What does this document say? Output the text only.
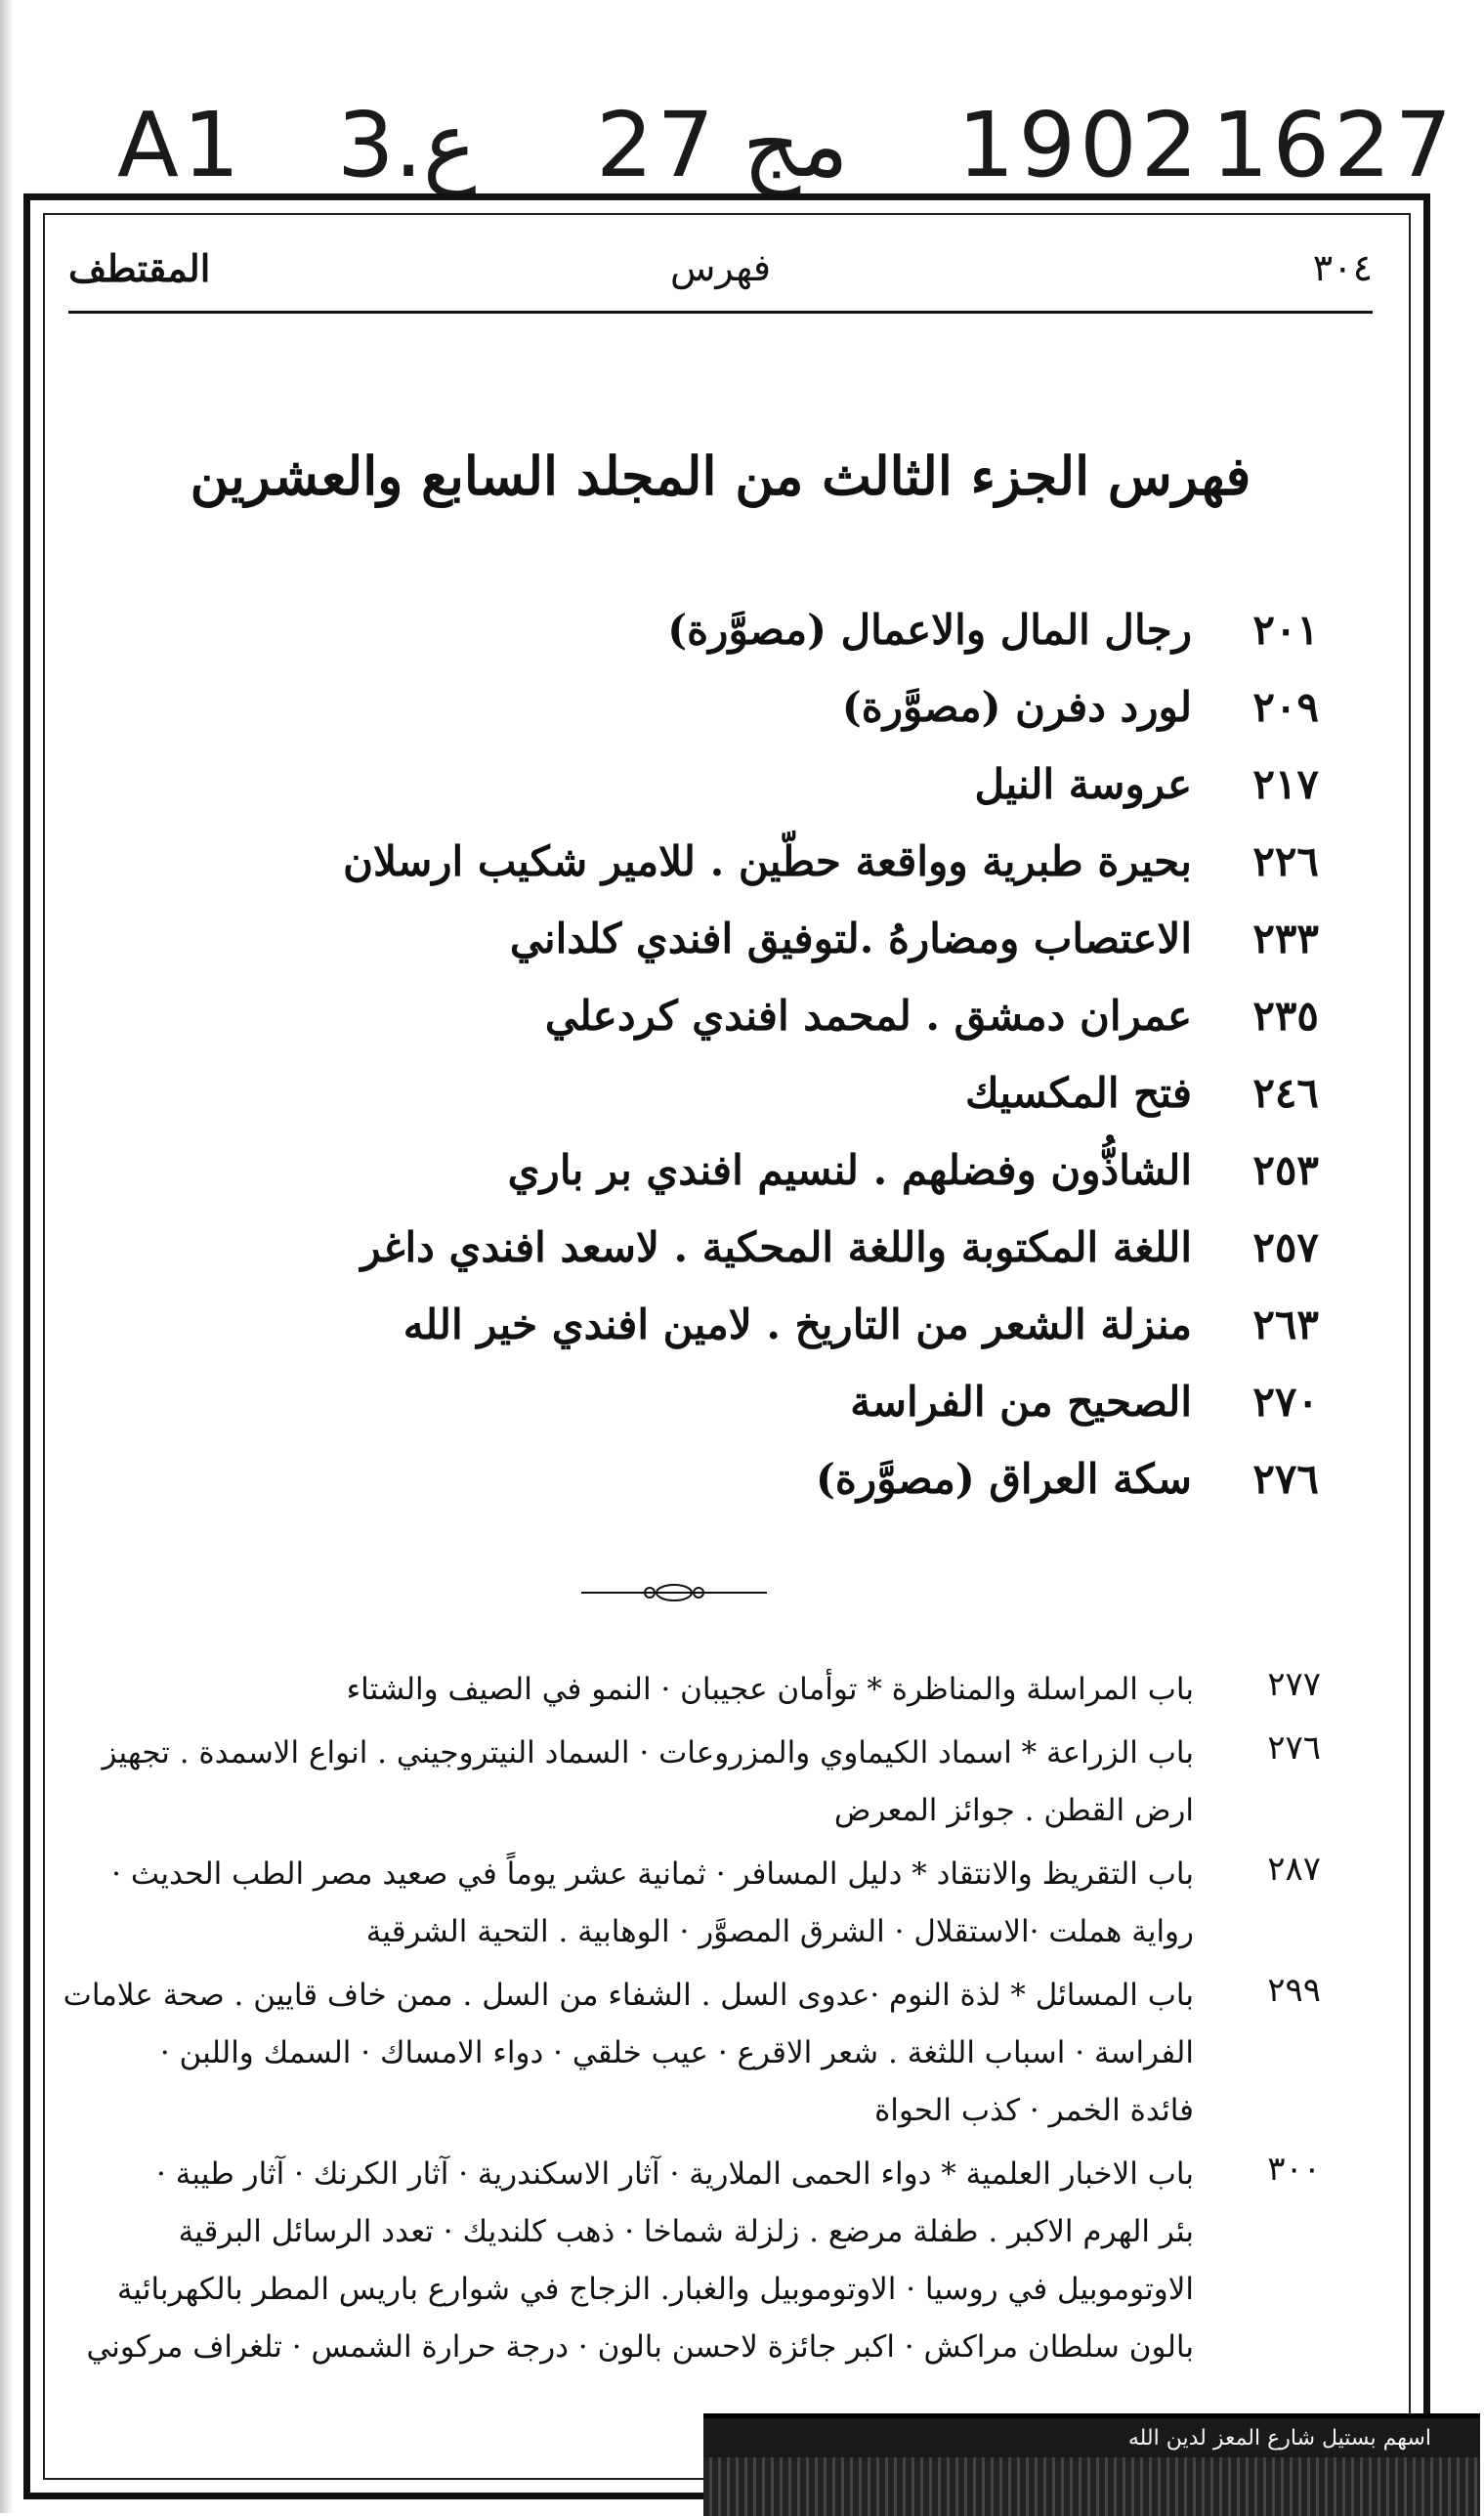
A1 3.ع 27 مج 1902 1627
٣٠٤
فهرس
المقتطف
فهرس الجزء الثالث من المجلد السابع والعشرين
٢٠١
رجال المال والاعمال (مصوَّرة)
٢٠٩
لورد دفرن (مصوَّرة)
٢١٧
عروسة النيل
٢٢٦
بحيرة طبرية وواقعة حطّين . للامير شكيب ارسلان
٢٣٣
الاعتصاب ومضارهُ .لتوفيق افندي كلداني
٢٣٥
عمران دمشق . لمحمد افندي كردعلي
٢٤٦
فتح المكسيك
٢٥٣
الشاذُّون وفضلهم . لنسيم افندي بر باري
٢٥٧
اللغة المكتوبة واللغة المحكية . لاسعد افندي داغر
٢٦٣
منزلة الشعر من التاريخ . لامين افندي خير الله
٢٧٠
الصحيح من الفراسة
٢٧٦
سكة العراق (مصوَّرة)
٢٧٧
باب المراسلة والمناظرة * توأمان عجيبان · النمو في الصيف والشتاء
٢٧٦
باب الزراعة * اسماد الكيماوي والمزروعات · السماد النيتروجيني . انواع الاسمدة . تجهيز
ارض القطن . جوائز المعرض
٢٨٧
باب التقريظ والانتقاد * دليل المسافر · ثمانية عشر يوماً في صعيد مصر الطب الحديث ·
رواية هملت ·الاستقلال · الشرق المصوَّر · الوهابية . التحية الشرقية
٢٩٩
باب المسائل * لذة النوم ·عدوى السل . الشفاء من السل . ممن خاف قايين . صحة علامات
الفراسة · اسباب اللثغة . شعر الاقرع · عيب خلقي · دواء الامساك · السمك واللبن ·
فائدة الخمر · كذب الحواة
٣٠٠
باب الاخبار العلمية * دواء الحمى الملارية · آثار الاسكندرية · آثار الكرنك · آثار طيبة ·
بئر الهرم الاكبر . طفلة مرضع . زلزلة شماخا · ذهب كلنديك · تعدد الرسائل البرقية
الاوتوموبيل في روسيا · الاوتوموبيل والغبار. الزجاج في شوارع باريس المطر بالكهربائية
بالون سلطان مراكش · اكبر جائزة لاحسن بالون · درجة حرارة الشمس · تلغراف مركوني
اسهم بستيل شارع المعز لدين الله
